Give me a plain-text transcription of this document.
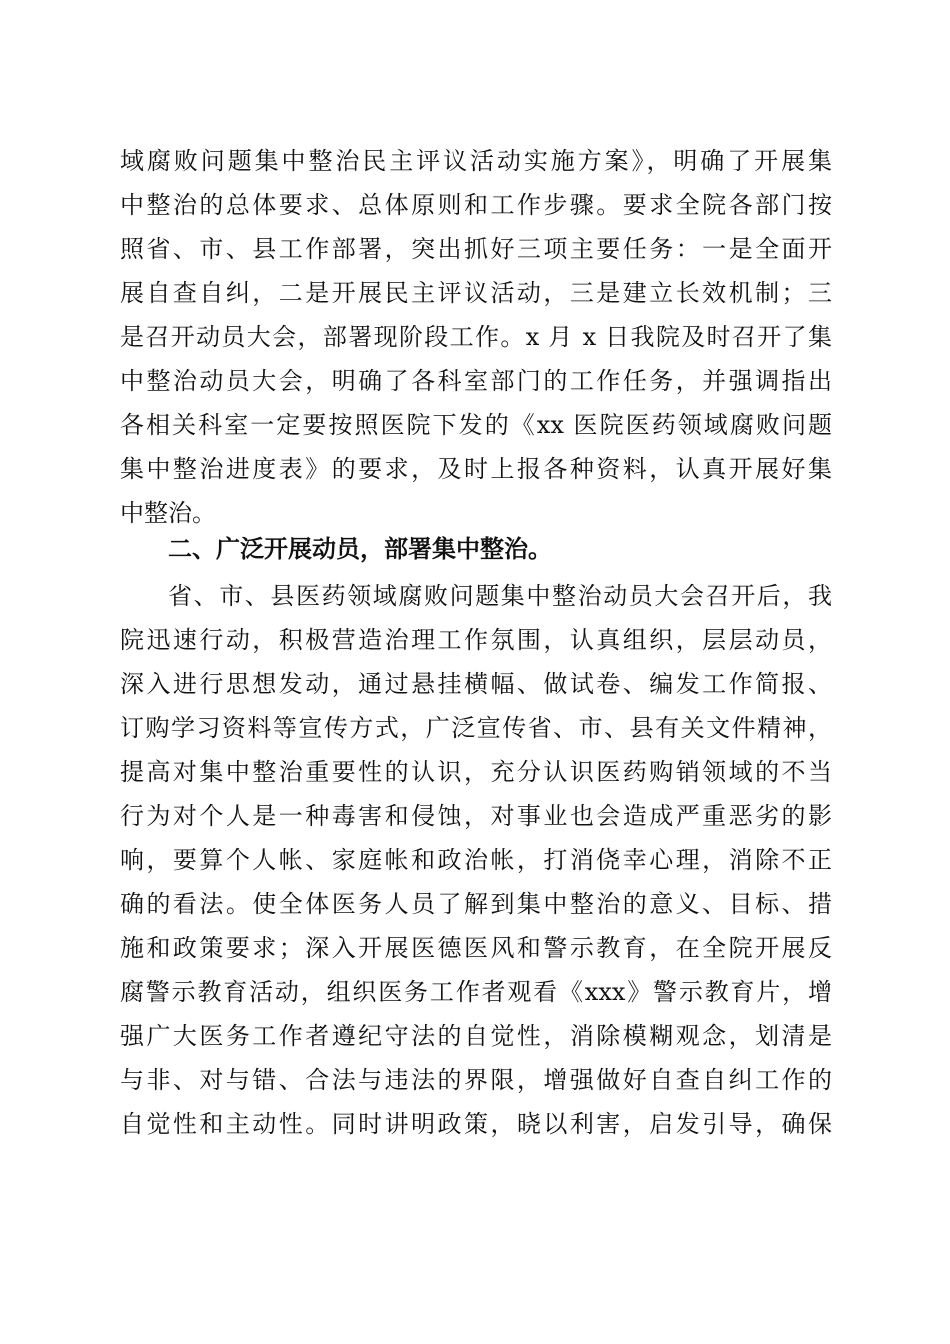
域腐败问题集中整治民主评议活动实施方案》，明确了开展集
中整治的总体要求、总体原则和工作步骤。要求全院各部门按
照省、市、县工作部署，突出抓好三项主要任务：一是全面开
展自查自纠，二是开展民主评议活动，三是建立长效机制；三
是召开动员大会，部署现阶段工作。x 月 x 日我院及时召开了集
中整治动员大会，明确了各科室部门的工作任务，并强调指出
各相关科室一定要按照医院下发的《xx 医院医药领域腐败问题
集中整治进度表》的要求，及时上报各种资料，认真开展好集
中整治。
二、广泛开展动员，部署集中整治。
省、市、县医药领域腐败问题集中整治动员大会召开后，我
院迅速行动，积极营造治理工作氛围，认真组织，层层动员，
深入进行思想发动，通过悬挂横幅、做试卷、编发工作简报、
订购学习资料等宣传方式，广泛宣传省、市、县有关文件精神，
提高对集中整治重要性的认识，充分认识医药购销领域的不当
行为对个人是一种毒害和侵蚀，对事业也会造成严重恶劣的影
响，要算个人帐、家庭帐和政治帐，打消侥幸心理，消除不正
确的看法。使全体医务人员了解到集中整治的意义、目标、措
施和政策要求；深入开展医德医风和警示教育，在全院开展反
腐警示教育活动，组织医务工作者观看《xxx》警示教育片，增
强广大医务工作者遵纪守法的自觉性，消除模糊观念，划清是
与非、对与错、合法与违法的界限，增强做好自查自纠工作的
自觉性和主动性。同时讲明政策，晓以利害，启发引导，确保
